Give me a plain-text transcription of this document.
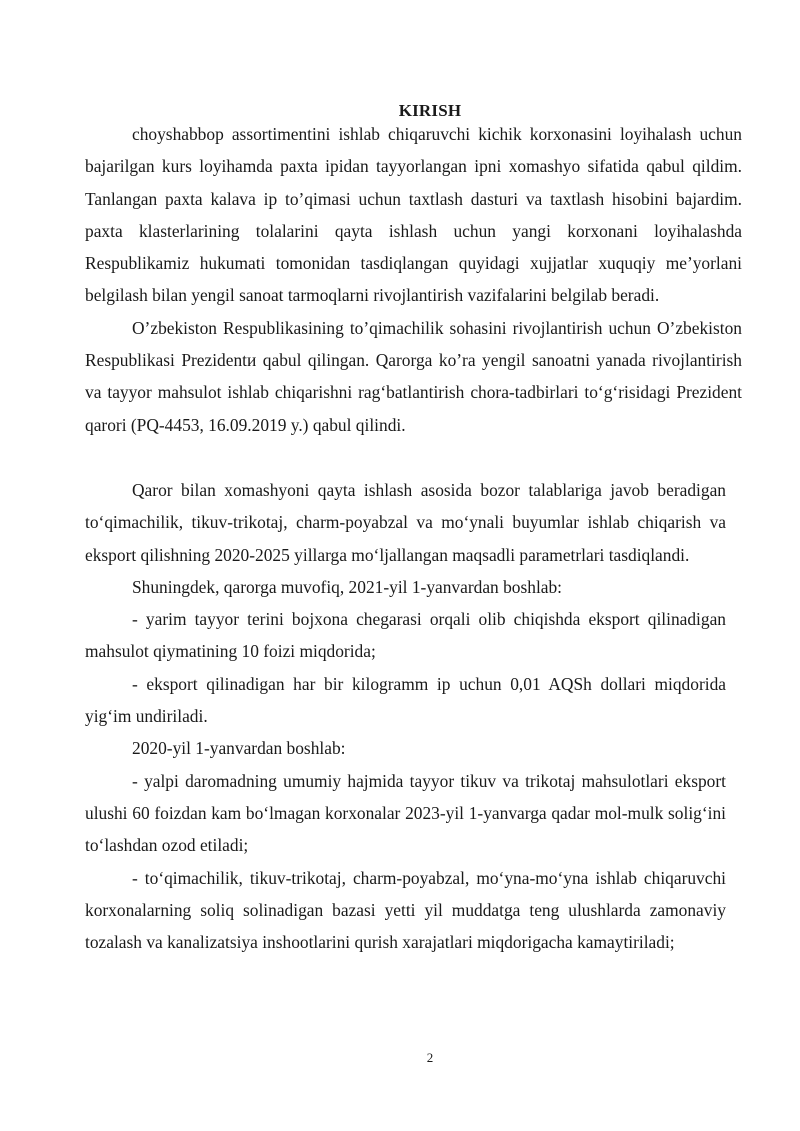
KIRISH

choyshabbop assortimentini ishlab chiqaruvchi kichik korxonasini loyihalash uchun bajarilgan kurs loyihamda paxta ipidan tayyorlangan ipni xomashyo sifatida qabul qildim. Tanlangan paxta kalava ip to’qimasi uchun taxtlash dasturi va taxtlash hisobini bajardim. paxta klasterlarining tolalarini qayta ishlash uchun yangi korxonani loyihalashda Respublikamiz hukumati tomonidan tasdiqlangan quyidagi xujjatlar xuquqiy me’yorlani belgilash bilan yengil sanoat tarmoqlarni rivojlantirish vazifalarini belgilab beradi.

O’zbekiston Respublikasining to’qimachilik sohasini rivojlantirish uchun O’zbekiston Respublikasi Prezidentи qabul qilingan. Qarorga ko’ra yengil sanoatni yanada rivojlantirish va tayyor mahsulot ishlab chiqarishni rag‘batlantirish chora-tadbirlari to‘g‘risidagi Prezident qarori (PQ-4453, 16.09.2019 y.) qabul qilindi.

Qaror bilan xomashyoni qayta ishlash asosida bozor talablariga javob beradigan to‘qimachilik, tikuv-trikotaj, charm-poyabzal va mo‘ynali buyumlar ishlab chiqarish va eksport qilishning 2020-2025 yillarga mo‘ljallangan maqsadli parametrlari tasdiqlandi.

Shuningdek, qarorga muvofiq, 2021-yil 1-yanvardan boshlab:

- yarim tayyor terini bojxona chegarasi orqali olib chiqishda eksport qilinadigan mahsulot qiymatining 10 foizi miqdorida;

- eksport qilinadigan har bir kilogramm ip uchun 0,01 AQSh dollari miqdorida yig‘im undiriladi.

2020-yil 1-yanvardan boshlab:

- yalpi daromadning umumiy hajmida tayyor tikuv va trikotaj mahsulotlari eksport ulushi 60 foizdan kam bo‘lmagan korxonalar 2023-yil 1-yanvarga qadar mol-mulk solig‘ini to‘lashdan ozod etiladi;

- to‘qimachilik, tikuv-trikotaj, charm-poyabzal, mo‘yna-mo‘yna ishlab chiqaruvchi korxonalarning soliq solinadigan bazasi yetti yil muddatga teng ulushlarda zamonaviy tozalash va kanalizatsiya inshootlarini qurish xarajatlari miqdorigacha kamaytiriladi;

2
